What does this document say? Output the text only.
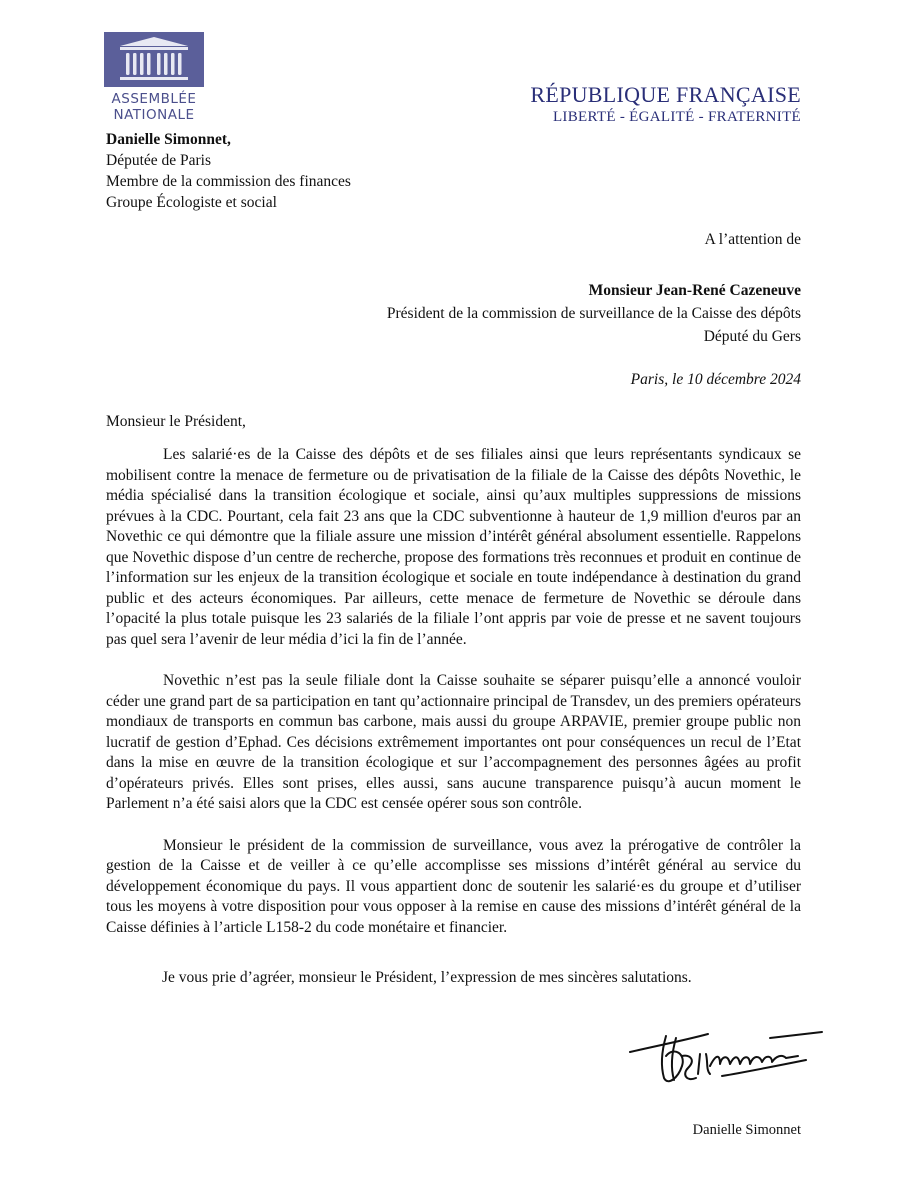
ASSEMBLÉE
NATIONALE
RÉPUBLIQUE FRANÇAISE
LIBERTÉ - ÉGALITÉ - FRATERNITÉ
Danielle Simonnet,
Députée de Paris
Membre de la commission des finances
Groupe Écologiste et social
A l’attention de
Monsieur Jean-René Cazeneuve
Président de la commission de surveillance de la Caisse des dépôts
Député du Gers
Paris, le 10 décembre 2024
Monsieur le Président,

Les salarié·es de la Caisse des dépôts et de ses filiales ainsi que leurs représentants syndicaux se mobilisent contre la menace de fermeture ou de privatisation de la filiale de la Caisse des dépôts Novethic, le média spécialisé dans la transition écologique et sociale, ainsi qu’aux multiples suppressions de missions prévues à la CDC. Pourtant, cela fait 23 ans que la CDC subventionne à hauteur de 1,9 million d'euros par an Novethic ce qui démontre que la filiale assure une mission d’intérêt général absolument essentielle. Rappelons que Novethic dispose d’un centre de recherche, propose des formations très reconnues et produit en continue de l’information sur les enjeux de la transition écologique et sociale en toute indépendance à destination du grand public et des acteurs économiques. Par ailleurs, cette menace de fermeture de Novethic se déroule dans l’opacité la plus totale puisque les 23 salariés de la filiale l’ont appris par voie de presse et ne savent toujours pas quel sera l’avenir de leur média d’ici la fin de l’année.

Novethic n’est pas la seule filiale dont la Caisse souhaite se séparer puisqu’elle a annoncé vouloir céder une grand part de sa participation en tant qu’actionnaire principal de Transdev, un des premiers opérateurs mondiaux de transports en commun bas carbone, mais aussi du groupe ARPAVIE, premier groupe public non lucratif de gestion d’Ephad. Ces décisions extrêmement importantes ont pour conséquences un recul de l’Etat dans la mise en œuvre de la transition écologique et sur l’accompagnement des personnes âgées au profit d’opérateurs privés. Elles sont prises, elles aussi, sans aucune transparence puisqu’à aucun moment le Parlement n’a été saisi alors que la CDC est censée opérer sous son contrôle.

Monsieur le président de la commission de surveillance, vous avez la prérogative de contrôler la gestion de la Caisse et de veiller à ce qu’elle accomplisse ses missions d’intérêt général au service du développement économique du pays. Il vous appartient donc de soutenir les salarié·es du groupe et d’utiliser tous les moyens à votre disposition pour vous opposer à la remise en cause des missions d’intérêt général de la Caisse définies à l’article L158-2 du code monétaire et financier.

Je vous prie d’agréer, monsieur le Président, l’expression de mes sincères salutations.
Danielle Simonnet
